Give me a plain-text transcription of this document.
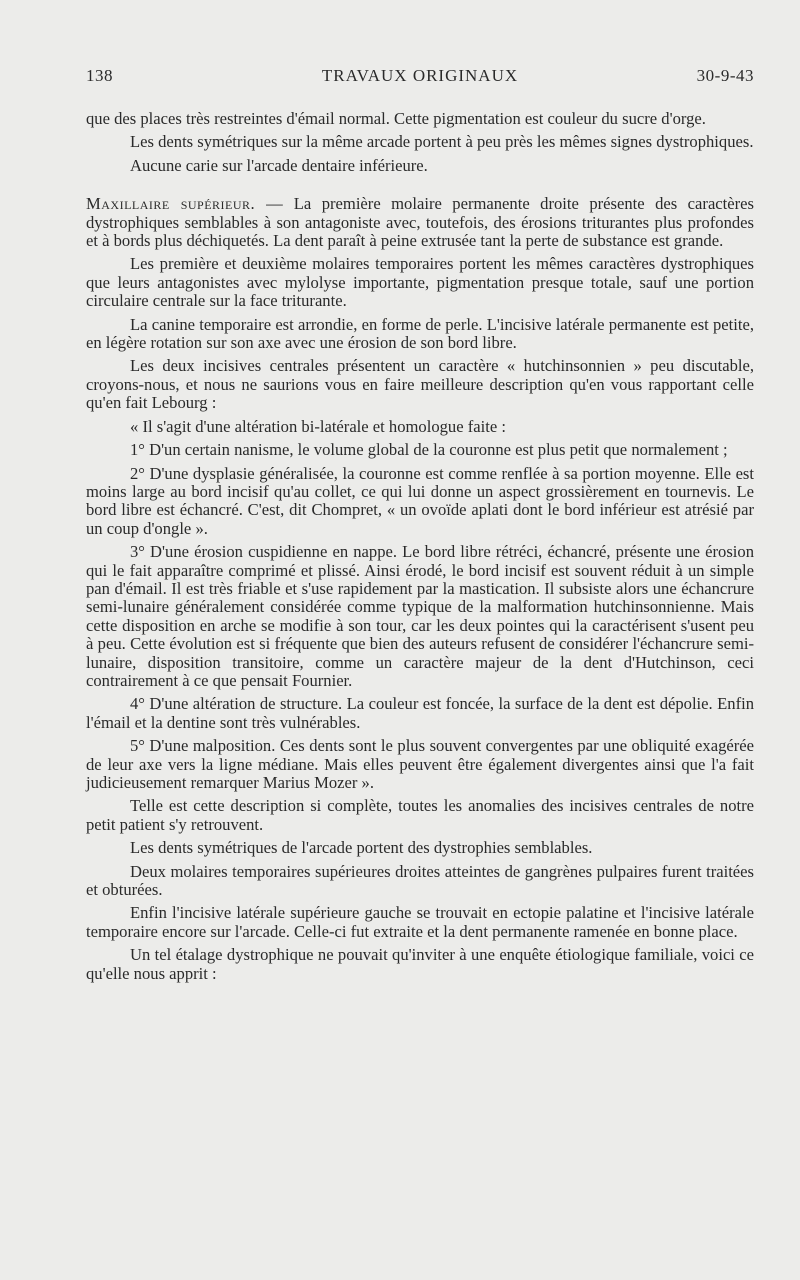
138	TRAVAUX ORIGINAUX	30-9-43

que des places très restreintes d'émail normal. Cette pigmentation est couleur du sucre d'orge.

Les dents symétriques sur la même arcade portent à peu près les mêmes signes dystrophiques.

Aucune carie sur l'arcade dentaire inférieure.

Maxillaire supérieur. — La première molaire permanente droite présente des caractères dystrophiques semblables à son antagoniste avec, toutefois, des érosions triturantes plus profondes et à bords plus déchiquetés. La dent paraît à peine extrusée tant la perte de substance est grande.

Les première et deuxième molaires temporaires portent les mêmes caractères dystrophiques que leurs antagonistes avec mylolyse importante, pigmentation presque totale, sauf une portion circulaire centrale sur la face triturante.

La canine temporaire est arrondie, en forme de perle. L'incisive latérale permanente est petite, en légère rotation sur son axe avec une érosion de son bord libre.

Les deux incisives centrales présentent un caractère « hutchinsonnien » peu discutable, croyons-nous, et nous ne saurions vous en faire meilleure description qu'en vous rapportant celle qu'en fait Lebourg :

« Il s'agit d'une altération bi-latérale et homologue faite :

1° D'un certain nanisme, le volume global de la couronne est plus petit que normalement ;

2° D'une dysplasie généralisée, la couronne est comme renflée à sa portion moyenne. Elle est moins large au bord incisif qu'au collet, ce qui lui donne un aspect grossièrement en tournevis. Le bord libre est échancré. C'est, dit Chompret, « un ovoïde aplati dont le bord inférieur est atrésié par un coup d'ongle ».

3° D'une érosion cuspidienne en nappe. Le bord libre rétréci, échancré, présente une érosion qui le fait apparaître comprimé et plissé. Ainsi érodé, le bord incisif est souvent réduit à un simple pan d'émail. Il est très friable et s'use rapidement par la mastication. Il subsiste alors une échancrure semi-lunaire généralement considérée comme typique de la malformation hutchinsonnienne. Mais cette disposition en arche se modifie à son tour, car les deux pointes qui la caractérisent s'usent peu à peu. Cette évolution est si fréquente que bien des auteurs refusent de considérer l'échancrure semi-lunaire, disposition transitoire, comme un caractère majeur de la dent d'Hutchinson, ceci contrairement à ce que pensait Fournier.

4° D'une altération de structure. La couleur est foncée, la surface de la dent est dépolie. Enfin l'émail et la dentine sont très vulnérables.

5° D'une malposition. Ces dents sont le plus souvent convergentes par une obliquité exagérée de leur axe vers la ligne médiane. Mais elles peuvent être également divergentes ainsi que l'a fait judicieusement remarquer Marius Mozer ».

Telle est cette description si complète, toutes les anomalies des incisives centrales de notre petit patient s'y retrouvent.

Les dents symétriques de l'arcade portent des dystrophies semblables.

Deux molaires temporaires supérieures droites atteintes de gangrènes pulpaires furent traitées et obturées.

Enfin l'incisive latérale supérieure gauche se trouvait en ectopie palatine et l'incisive latérale temporaire encore sur l'arcade. Celle-ci fut extraite et la dent permanente ramenée en bonne place.

Un tel étalage dystrophique ne pouvait qu'inviter à une enquête étiologique familiale, voici ce qu'elle nous apprit :
